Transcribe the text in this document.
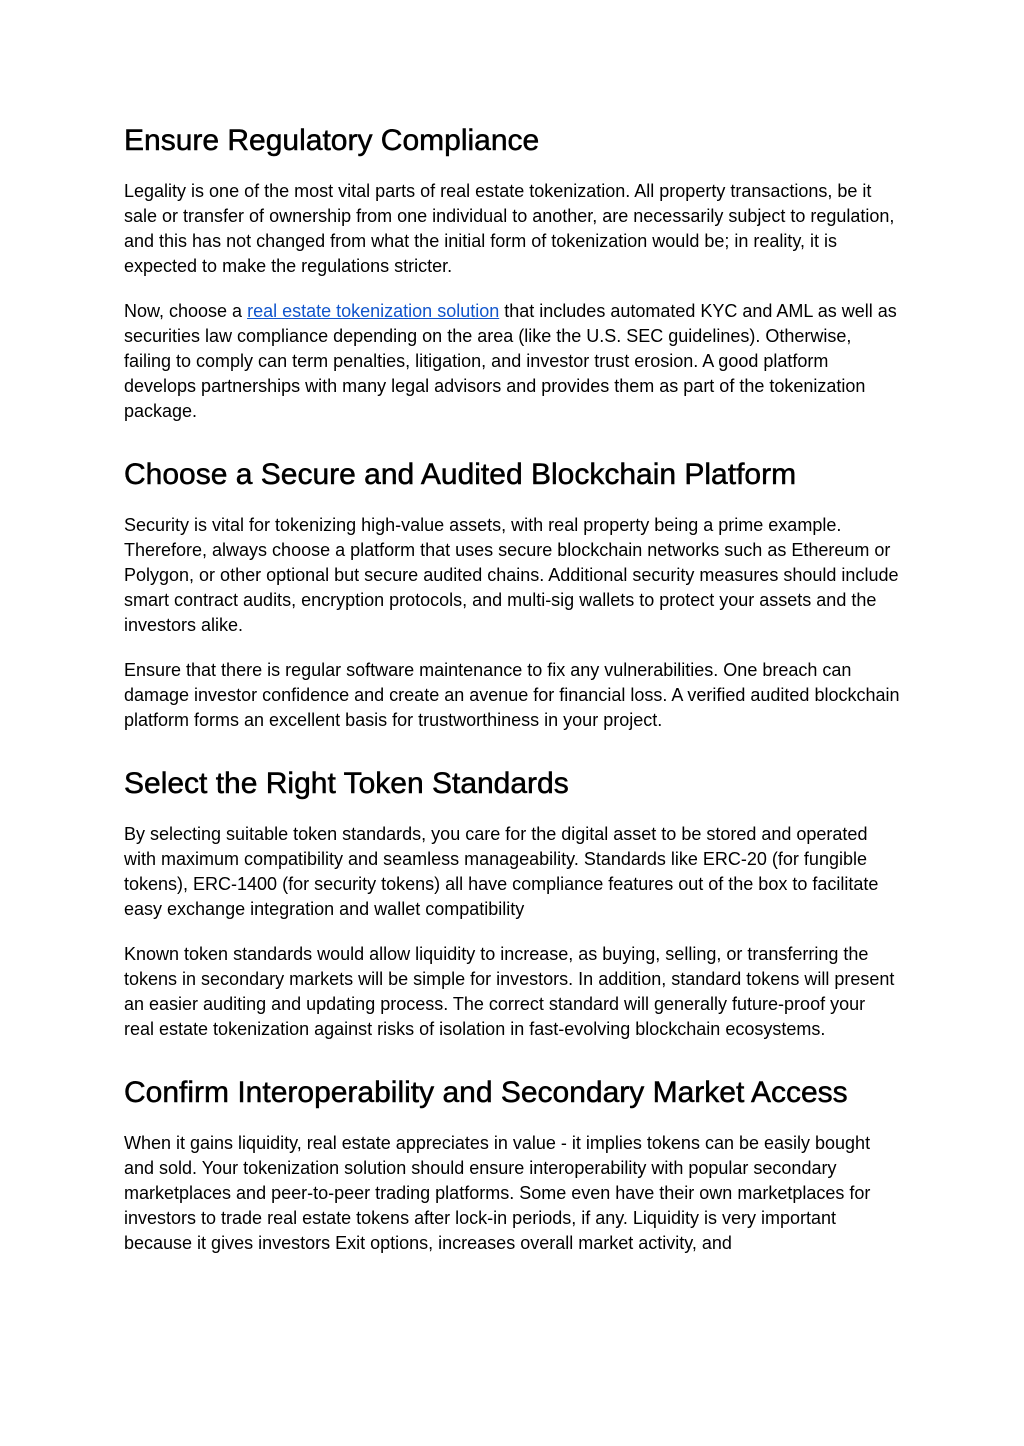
Ensure Regulatory Compliance

Legality is one of the most vital parts of real estate tokenization. All property transactions, be it sale or transfer of ownership from one individual to another, are necessarily subject to regulation, and this has not changed from what the initial form of tokenization would be; in reality, it is expected to make the regulations stricter.

Now, choose a real estate tokenization solution that includes automated KYC and AML as well as securities law compliance depending on the area (like the U.S. SEC guidelines). Otherwise, failing to comply can term penalties, litigation, and investor trust erosion. A good platform develops partnerships with many legal advisors and provides them as part of the tokenization package.

Choose a Secure and Audited Blockchain Platform

Security is vital for tokenizing high-value assets, with real property being a prime example. Therefore, always choose a platform that uses secure blockchain networks such as Ethereum or Polygon, or other optional but secure audited chains. Additional security measures should include smart contract audits, encryption protocols, and multi-sig wallets to protect your assets and the investors alike.

Ensure that there is regular software maintenance to fix any vulnerabilities. One breach can damage investor confidence and create an avenue for financial loss. A verified audited blockchain platform forms an excellent basis for trustworthiness in your project.

Select the Right Token Standards

By selecting suitable token standards, you care for the digital asset to be stored and operated with maximum compatibility and seamless manageability. Standards like ERC-20 (for fungible tokens), ERC-1400 (for security tokens) all have compliance features out of the box to facilitate easy exchange integration and wallet compatibility

Known token standards would allow liquidity to increase, as buying, selling, or transferring the tokens in secondary markets will be simple for investors. In addition, standard tokens will present an easier auditing and updating process. The correct standard will generally future-proof your real estate tokenization against risks of isolation in fast-evolving blockchain ecosystems.

Confirm Interoperability and Secondary Market Access

When it gains liquidity, real estate appreciates in value - it implies tokens can be easily bought and sold. Your tokenization solution should ensure interoperability with popular secondary marketplaces and peer-to-peer trading platforms. Some even have their own marketplaces for investors to trade real estate tokens after lock-in periods, if any. Liquidity is very important because it gives investors Exit options, increases overall market activity, and
